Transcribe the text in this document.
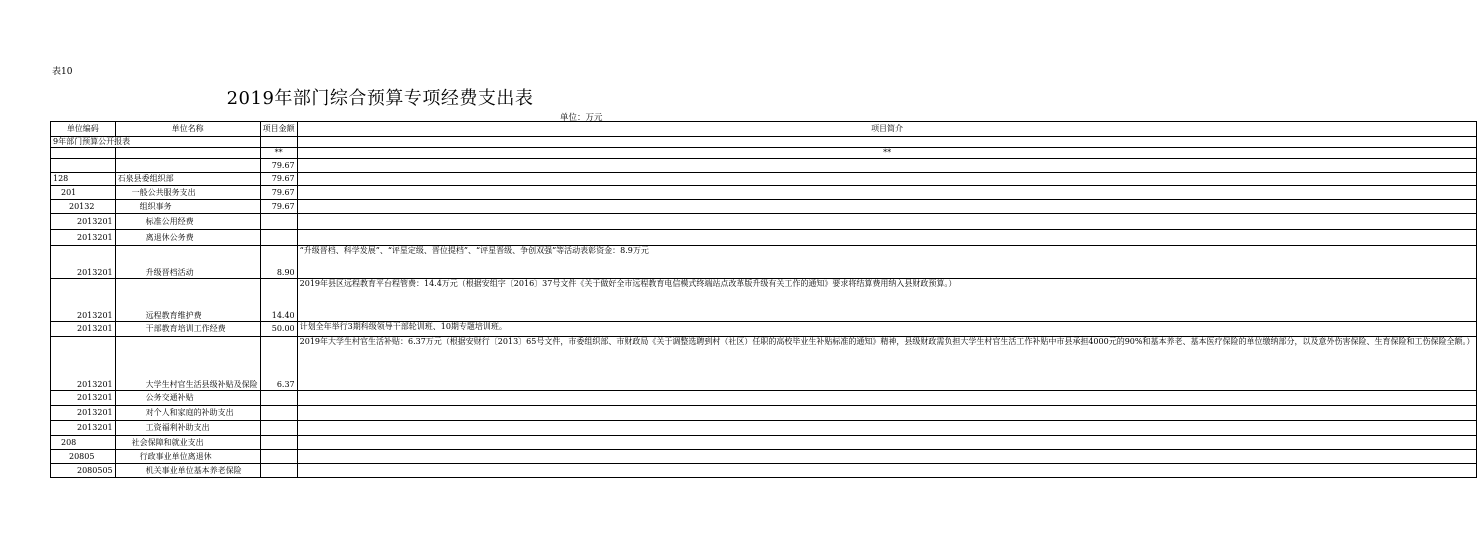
表10
2019年部门综合预算专项经费支出表
单位：万元
单位编码	单位名称	项目金额	项目简介
9年部门预算公开报表			
		**	**
		79.67	
128	石泉县委组织部	79.67	
201	一般公共服务支出	79.67	
20132	组织事务	79.67	
2013201	标准公用经费		
2013201	离退休公务费		
2013201	升级晋档活动	8.90	“升级晋档、科学发展”、“评星定级、晋位提档”、“评星晋级、争创双强”等活动表彰资金：8.9万元
2013201	远程教育维护费	14.40	2019年县区远程教育平台程管费：14.4万元（根据安组字〔2016〕37号文件《关于做好全市远程教育电信模式终端站点改革版升级有关工作的通知》要求将结算费用纳入县财政预算。）
2013201	干部教育培训工作经费	50.00	计划全年举行3期科级领导干部轮训班、10期专题培训班。
2013201	大学生村官生活县级补贴及保险	6.37	2019年大学生村官生活补贴：6.37万元（根据安财行〔2013〕65号文件，市委组织部、市财政局《关于调整选聘到村（社区）任职的高校毕业生补贴标准的通知》精神，县级财政需负担大学生村官生活工作补贴中市县承担4000元的90%和基本养老、基本医疗保险的单位缴纳部分，以及意外伤害保险、生育保险和工伤保险全额。）
2013201	公务交通补贴		
2013201	对个人和家庭的补助支出		
2013201	工资福利补助支出		
208	社会保障和就业支出		
20805	行政事业单位离退休		
2080505	机关事业单位基本养老保险		
